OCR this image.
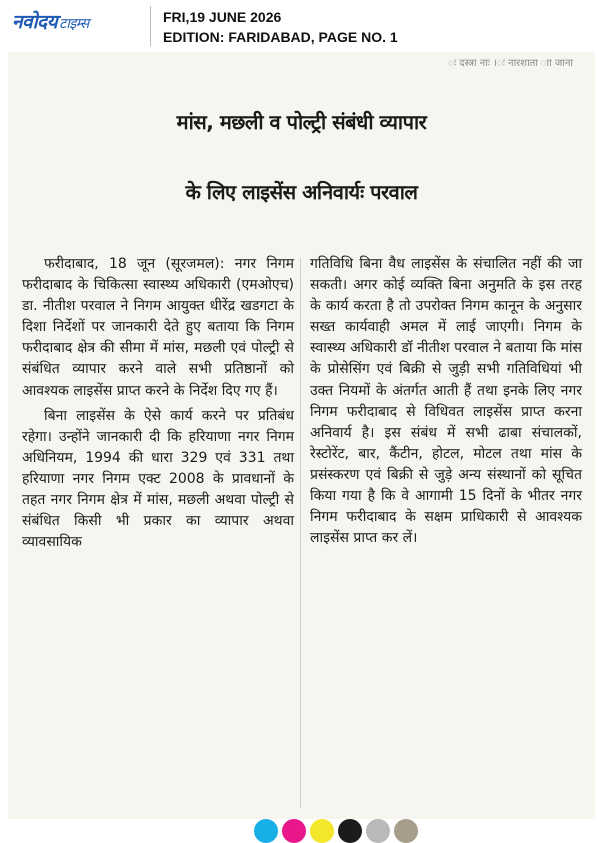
नवोदय टाइम्स	FRI,19 JUNE 2026
EDITION: FARIDABAD, PAGE NO. 1
ः दस्त्रा नाः ।ः नारशाता ाा जाना
मांस, मछली व पोल्ट्री संबंधी व्यापार
के लिए लाइसेंस अनिवार्यः परवाल

फरीदाबाद, 18 जून (सूरजमल): नगर निगम फरीदाबाद के चिकित्सा स्वास्थ्य अधिकारी (एमओएच) डा. नीतीश परवाल ने निगम आयुक्त धीरेंद्र खडगटा के दिशा निर्देशों पर जानकारी देते हुए बताया कि निगम फरीदाबाद क्षेत्र की सीमा में मांस, मछली एवं पोल्ट्री से संबंधित व्यापार करने वाले सभी प्रतिष्ठानों को आवश्यक लाइसेंस प्राप्त करने के निर्देश दिए गए हैं।

बिना लाइसेंस के ऐसे कार्य करने पर प्रतिबंध रहेगा। उन्होंने जानकारी दी कि हरियाणा नगर निगम अधिनियम, 1994 की धारा 329 एवं 331 तथा हरियाणा नगर निगम एक्ट 2008 के प्रावधानों के तहत नगर निगम क्षेत्र में मांस, मछली अथवा पोल्ट्री से संबंधित किसी भी प्रकार का व्यापार अथवा व्यावसायिक

गतिविधि बिना वैध लाइसेंस के संचालित नहीं की जा सकती। अगर कोई व्यक्ति बिना अनुमति के इस तरह के कार्य करता है तो उपरोक्त निगम कानून के अनुसार सख्त कार्यवाही अमल में लाई जाएगी। निगम के स्वास्थ्य अधिकारी डॉ नीतीश परवाल ने बताया कि मांस के प्रोसेसिंग एवं बिक्री से जुड़ी सभी गतिविधियां भी उक्त नियमों के अंतर्गत आती हैं तथा इनके लिए नगर निगम फरीदाबाद से विधिवत लाइसेंस प्राप्त करना अनिवार्य है। इस संबंध में सभी ढाबा संचालकों, रेस्टोरेंट, बार, कैंटीन, होटल, मोटल तथा मांस के प्रसंस्करण एवं बिक्री से जुड़े अन्य संस्थानों को सूचित किया गया है कि वे आगामी 15 दिनों के भीतर नगर निगम फरीदाबाद के सक्षम प्राधिकारी से आवश्यक लाइसेंस प्राप्त कर लें।
